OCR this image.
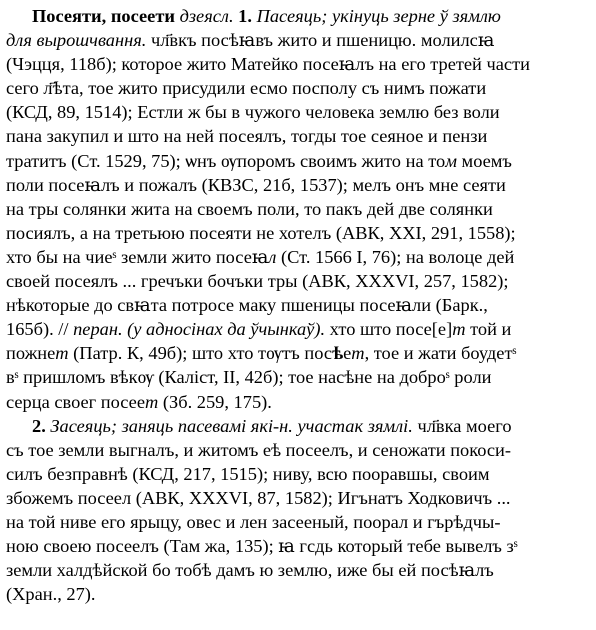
Посеяти, посеети дзеясл. 1. Пасеяць; укінуць зерне ў зямлю
для вырошчвання. чл҃вкъ посѣꙗвъ жито и пшеницю. молилсꙗ
(Чэцця, 118б); которое жито Матейко посеꙗлъ на его третей части
сего л҃ѣта, тое жито присудили есмо посполу съ нимъ пожати
(КСД, 89, 1514); Естли ж бы в чужого человека землю без воли
пана закупил и што на ней посеялъ, тогды тое сеяное и пензи
тратитъ (Ст. 1529, 75); ѡнъ ѹпоромъ своимъ жито на том моемъ
поли посеꙗлъ и пожалъ (КВЗС, 21б, 1537); мелъ онъ мне сеяти
на тры солянки жита на своемъ поли, то пакъ дей две солянки
посиялъ, а на третьюю посеяти не хотелъ (АВК, XXI, 291, 1558);
хто бы на чиеˢ земли жито посеꙗл (Ст. 1566 I, 76); на волоце дей
своей посеялъ ... гречъки бочъки тры (АВК, XXXVI, 257, 1582);
нѣкоторые до свꙗта потросе маку пшеницы посеꙗли (Барк.,
165б). // перан. (у адносінах да ўчынкаў). хто што посе[е]т той и
пожнет (Патр. К, 49б); што хто тѹтъ посѣет, тое и жати боудетˢ
вˢ пришломъ вѣкѹ (Каліст, II, 42б); тое насѣне на доброˢ роли
серца своег посеет (Зб. 259, 175).
2. Засеяць; заняць пасевамі які-н. участак зямлі. чл҃вка моего
съ тое земли выгналъ, и житомъ еѣ посеелъ, и сеножати покоси-
силъ безправнѣ (КСД, 217, 1515); ниву, всю пооравшы, своим
збожемъ посеел (АВК, XXXVI, 87, 1582); Игънатъ Ходковичъ ...
на той ниве его ярыцу, овес и лен засееный, поорал и гърѣдчы-
ною своею посеелъ (Там жа, 135); ꙗ гсдь который тебе вывелъ зˢ
земли халдѣйской бо тобѣ дамъ ю землю, иже бы ей посѣꙗлъ
(Хран., 27).
